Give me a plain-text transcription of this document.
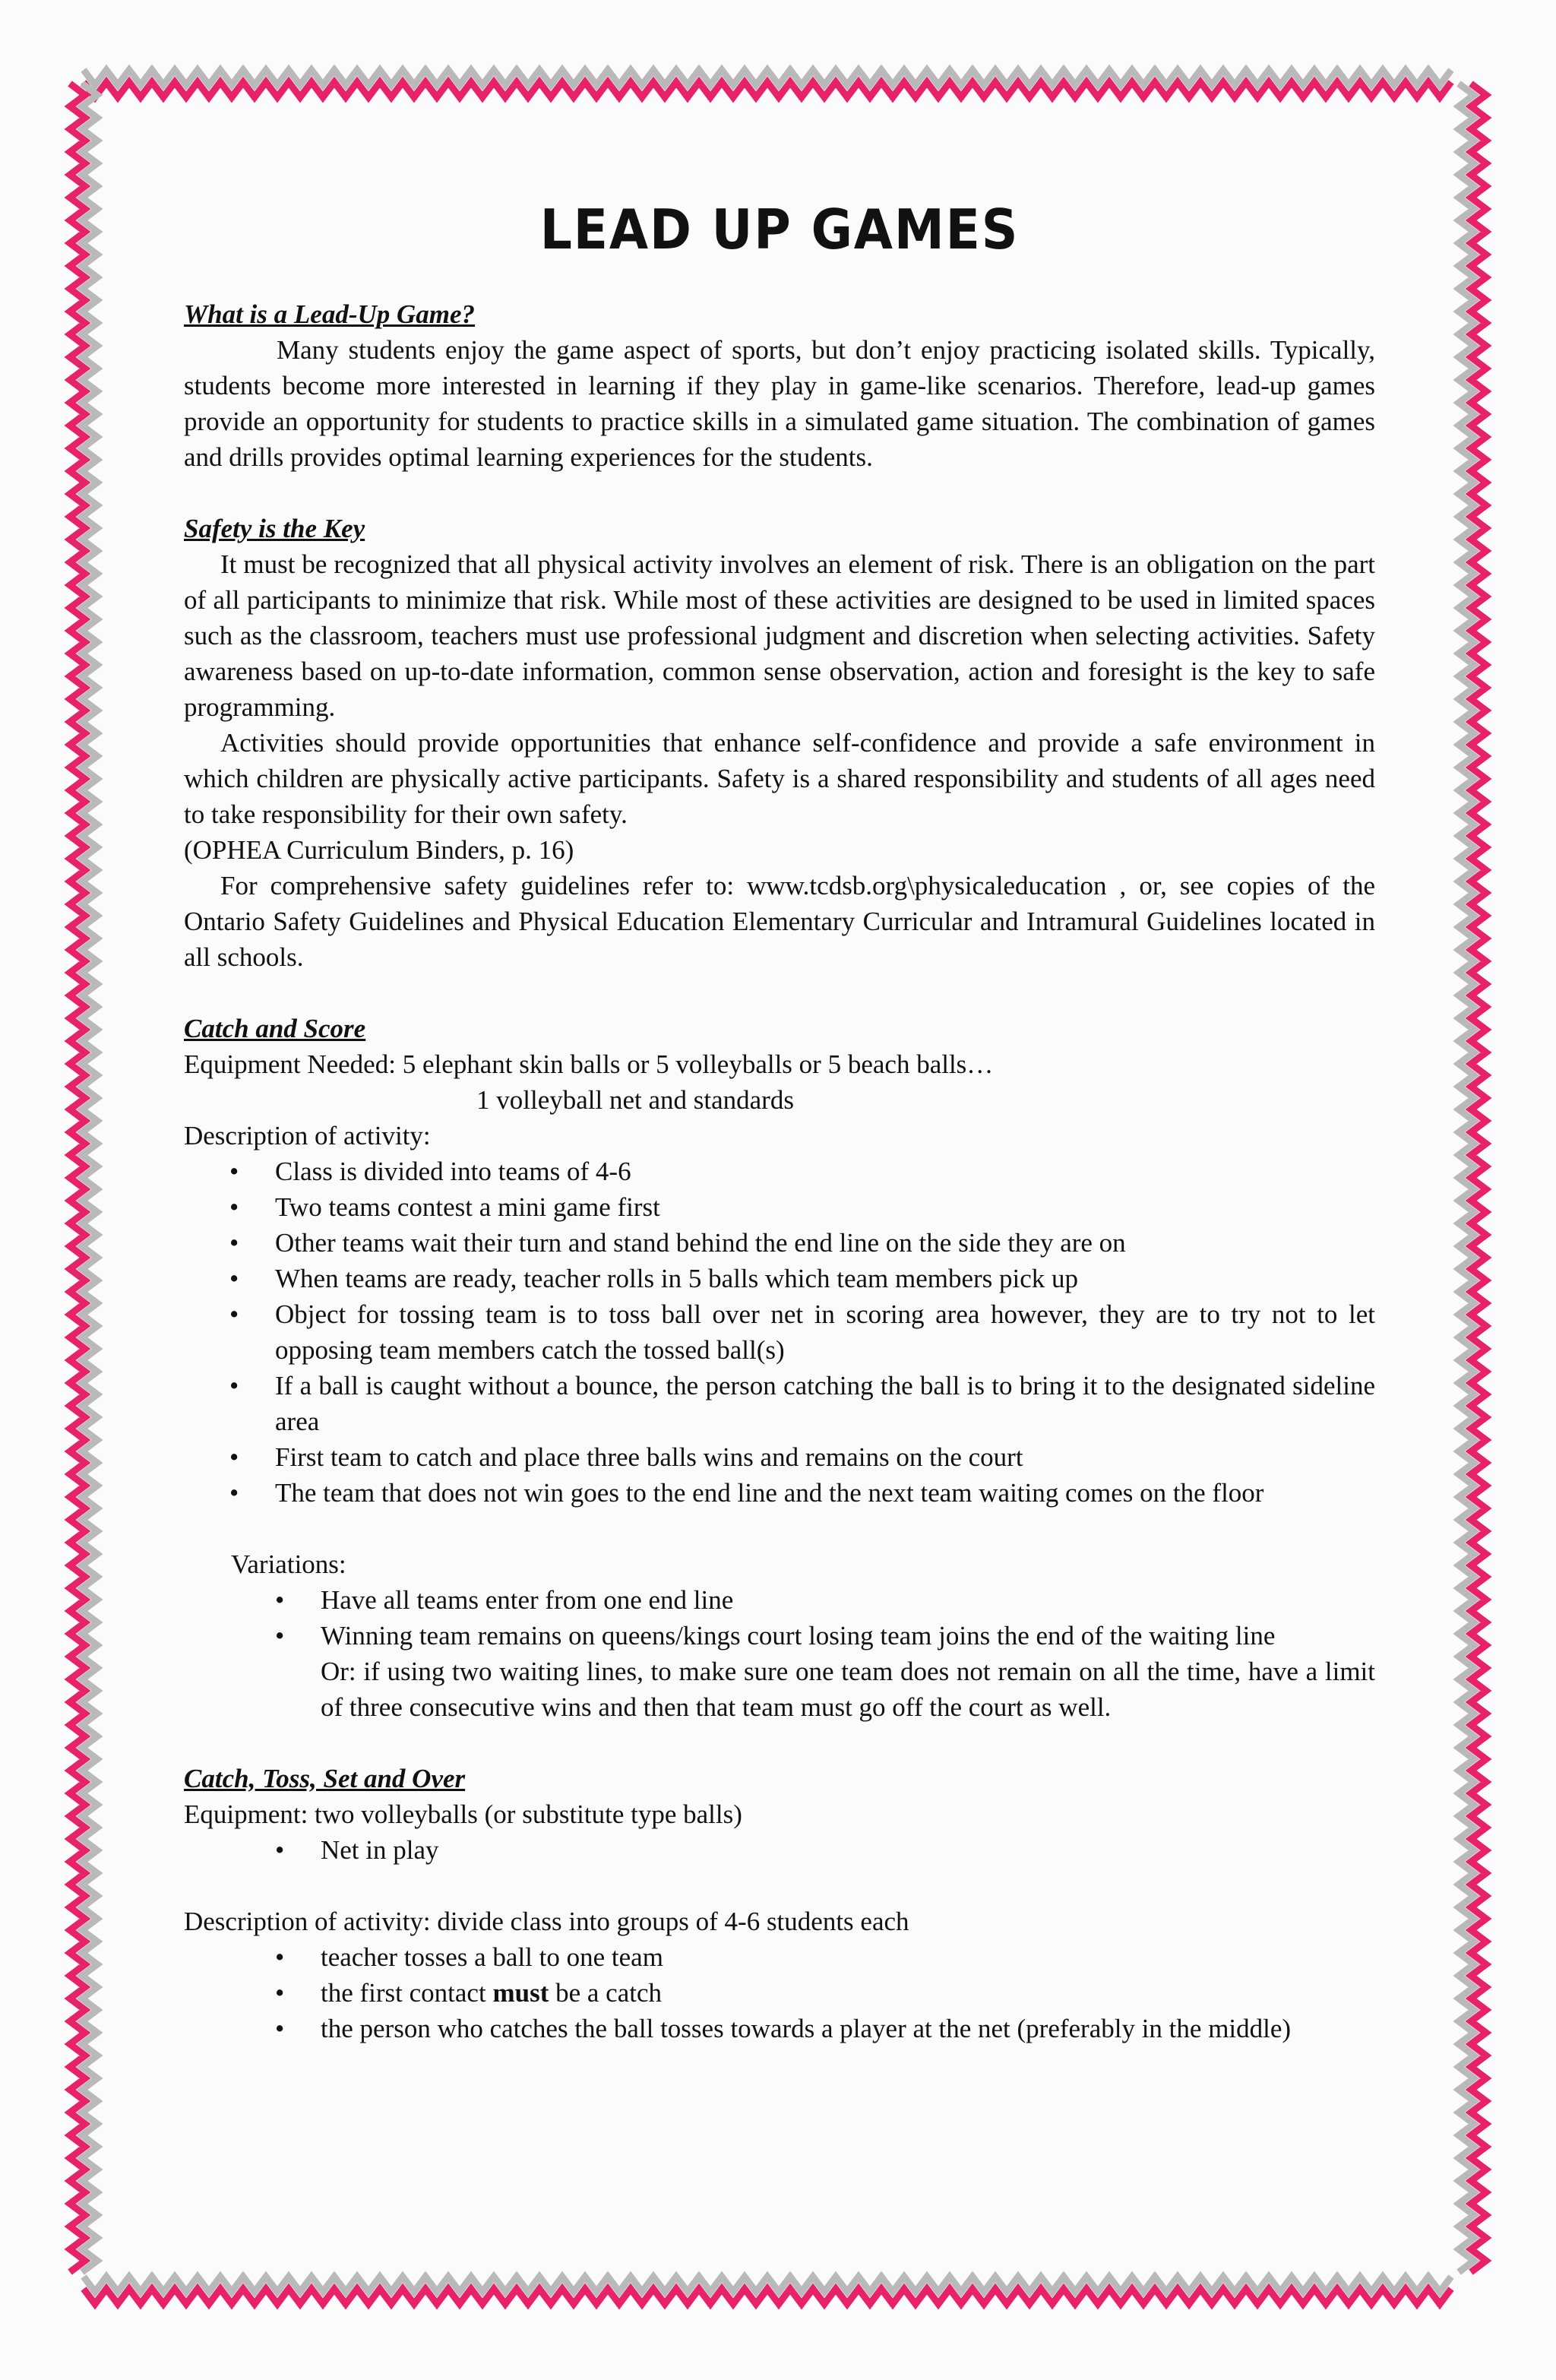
LEAD UP GAMES
What is a Lead-Up Game?

Many students enjoy the game aspect of sports, but don’t enjoy practicing isolated skills. Typically, students become more interested in learning if they play in game-like scenarios. Therefore, lead-up games provide an opportunity for students to practice skills in a simulated game situation. The combination of games and drills provides optimal learning experiences for the students.

Safety is the Key

It must be recognized that all physical activity involves an element of risk. There is an obligation on the part of all participants to minimize that risk. While most of these activities are designed to be used in limited spaces such as the classroom, teachers must use professional judgment and discretion when selecting activities. Safety awareness based on up-to-date information, common sense observation, action and foresight is the key to safe programming.

Activities should provide opportunities that enhance self-confidence and provide a safe environment in which children are physically active participants. Safety is a shared responsibility and students of all ages need to take responsibility for their own safety.

(OPHEA Curriculum Binders, p. 16)

For comprehensive safety guidelines refer to: www.tcdsb.org\physicaleducation , or, see copies of the Ontario Safety Guidelines and Physical Education Elementary Curricular and Intramural Guidelines located in all schools.

Catch and Score

Equipment Needed: 5 elephant skin balls or 5 volleyballs or 5 beach balls…

1 volleyball net and standards

Description of activity:

• Class is divided into teams of 4-6
• Two teams contest a mini game first
• Other teams wait their turn and stand behind the end line on the side they are on
• When teams are ready, teacher rolls in 5 balls which team members pick up
• Object for tossing team is to toss ball over net in scoring area however, they are to try not to let opposing team members catch the tossed ball(s)
• If a ball is caught without a bounce, the person catching the ball is to bring it to the designated sideline area
• First team to catch and place three balls wins and remains on the court
• The team that does not win goes to the end line and the next team waiting comes on the floor

Variations:

• Have all teams enter from one end line
• Winning team remains on queens/kings court losing team joins the end of the waiting line

Or: if using two waiting lines, to make sure one team does not remain on all the time, have a limit of three consecutive wins and then that team must go off the court as well.

Catch, Toss, Set and Over

Equipment: two volleyballs (or substitute type balls)

• Net in play

Description of activity: divide class into groups of 4-6 students each

• teacher tosses a ball to one team
• the first contact must be a catch
• the person who catches the ball tosses towards a player at the net (preferably in the middle)
